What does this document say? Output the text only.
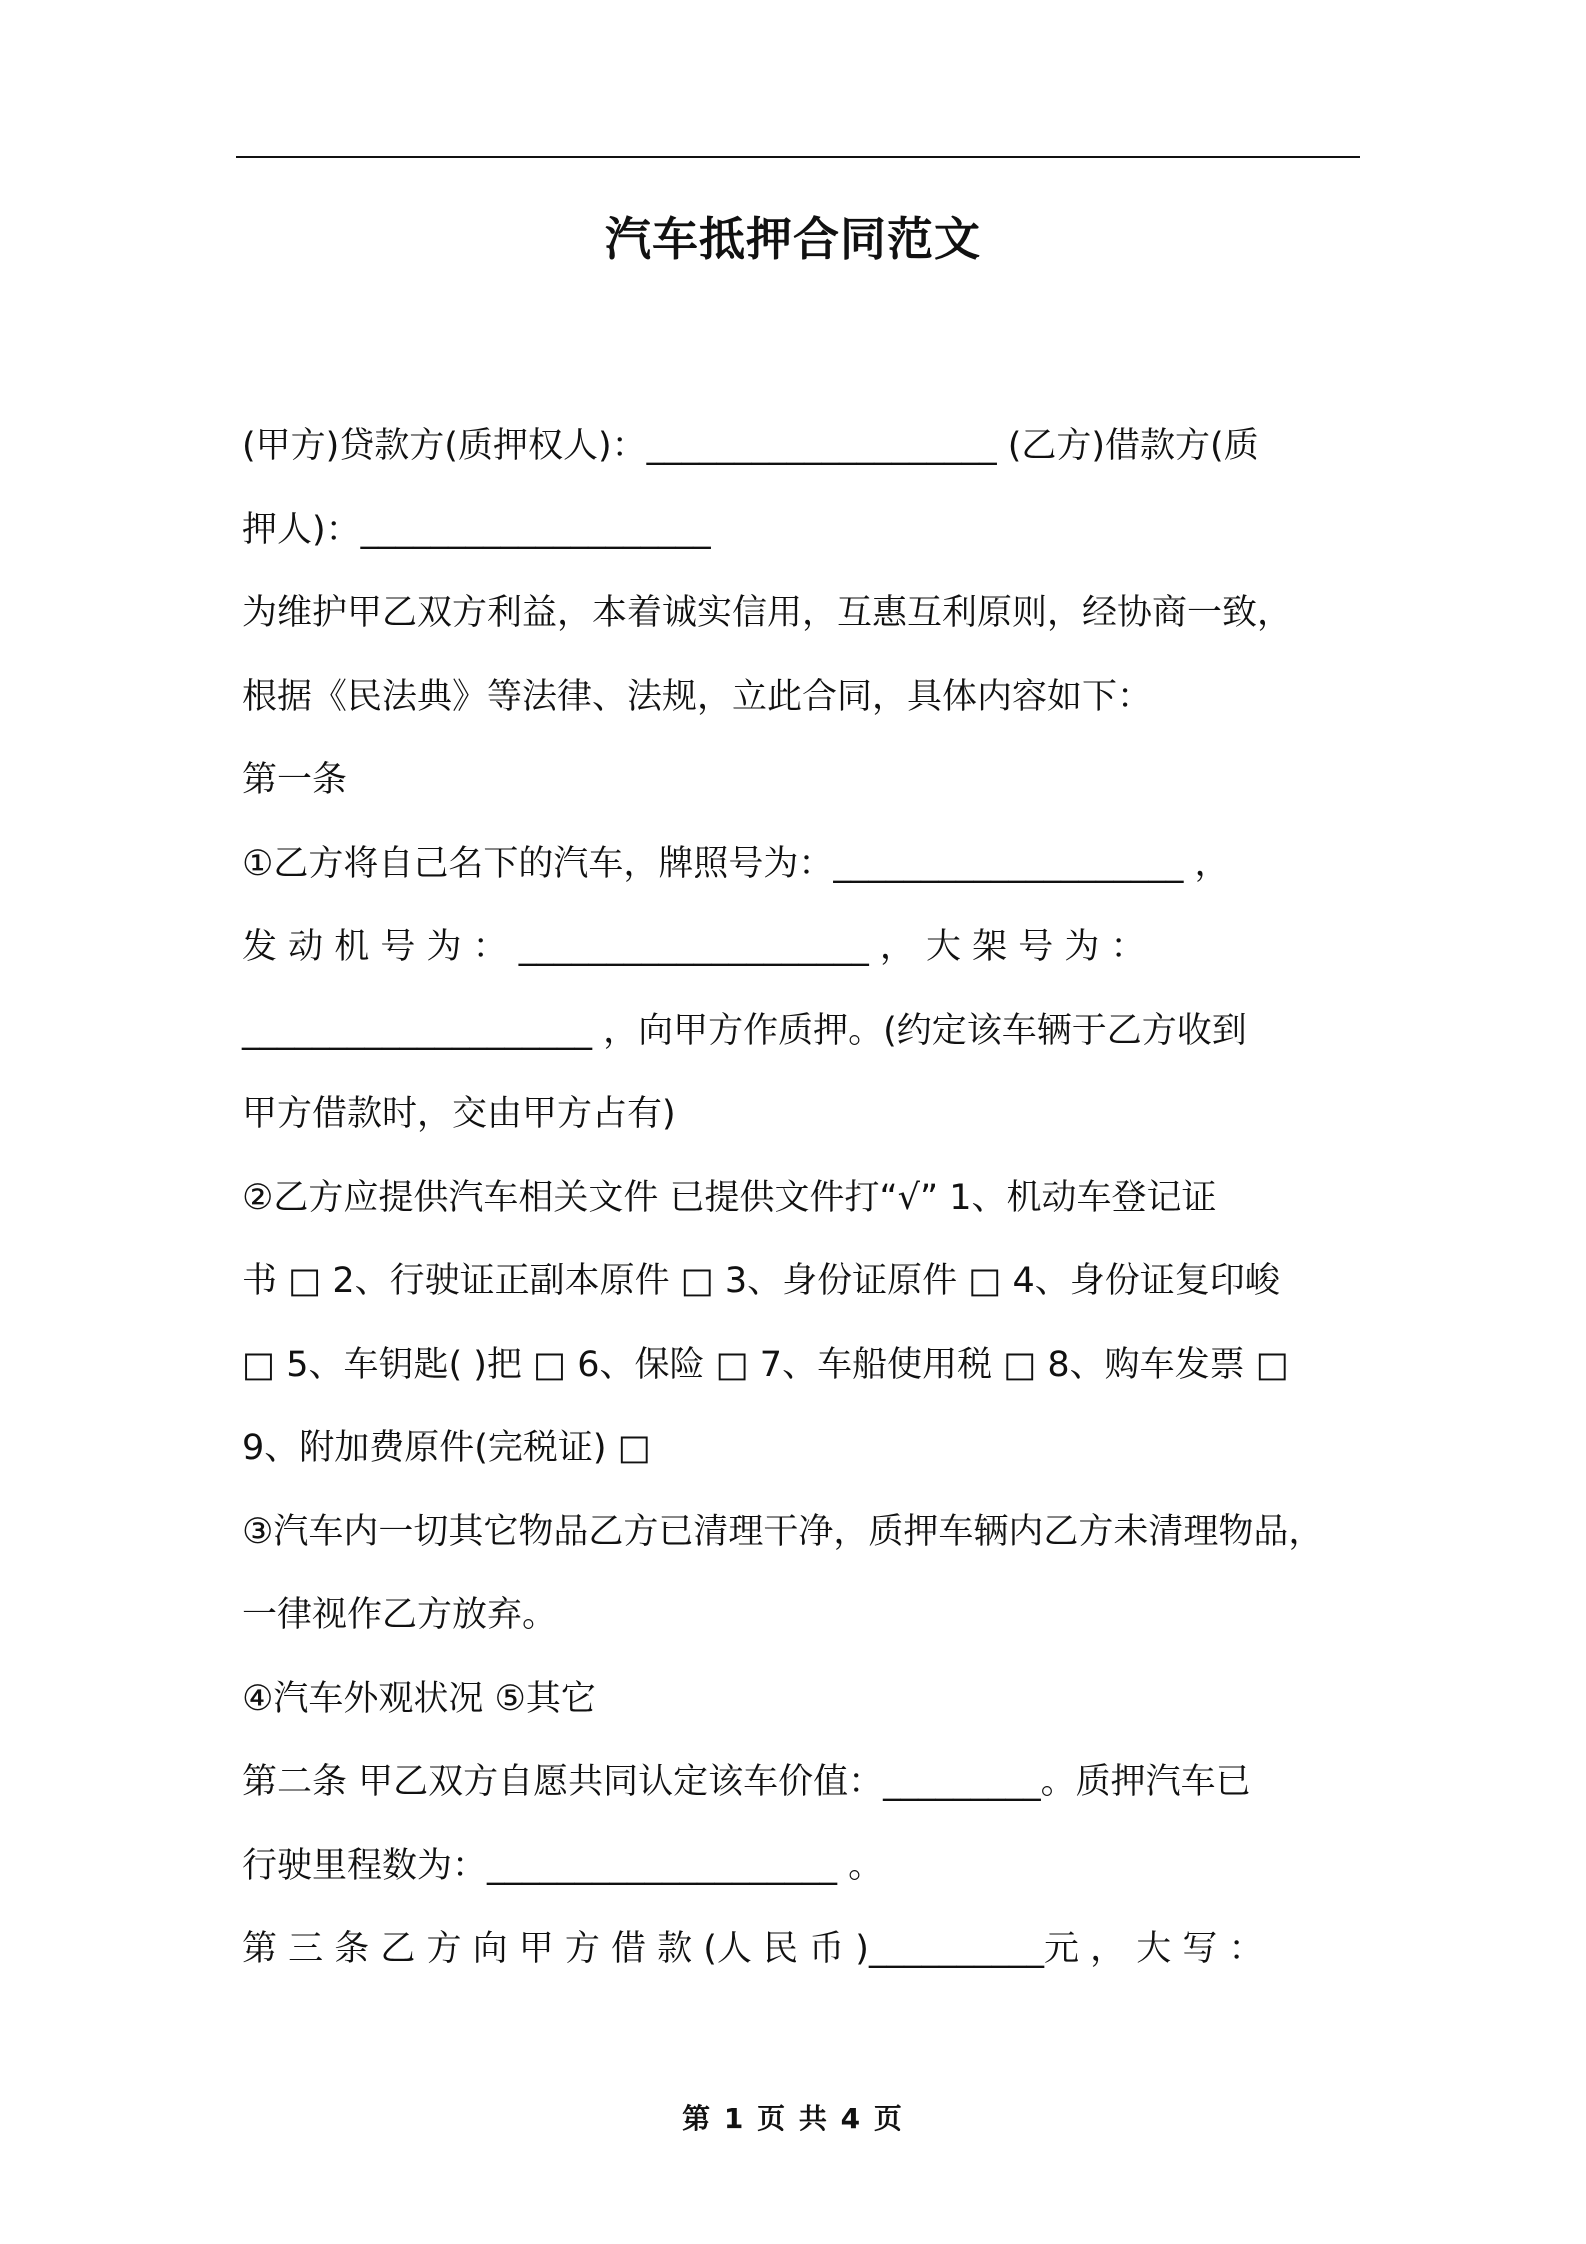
汽车抵押合同范文
(甲方)贷款方(质押权人)：____________________ (乙方)借款方(质
押人)：____________________
为维护甲乙双方利益，本着诚实信用，互惠互利原则，经协商一致，
根据《民法典》等法律、法规，立此合同，具体内容如下：
第一条
①乙方将自己名下的汽车，牌照号为：____________________ ，
发 动 机 号 为 ： ____________________ ， 大 架 号 为 ：
____________________ ，向甲方作质押。(约定该车辆于乙方收到
甲方借款时，交由甲方占有)
②乙方应提供汽车相关文件 已提供文件打“√” 1、机动车登记证
书 □ 2、行驶证正副本原件 □ 3、身份证原件 □ 4、身份证复印峻
□ 5、车钥匙( )把 □ 6、保险 □ 7、车船使用税 □ 8、购车发票 □
9、附加费原件(完税证) □
③汽车内一切其它物品乙方已清理干净，质押车辆内乙方未清理物品，
一律视作乙方放弃。
④汽车外观状况 ⑤其它
第二条 甲乙双方自愿共同认定该车价值：_________。质押汽车已
行驶里程数为：____________________ 。
第 三 条 乙 方 向 甲 方 借 款 (人 民 币 )__________元 ， 大 写 ：
第 1 页 共 4 页
